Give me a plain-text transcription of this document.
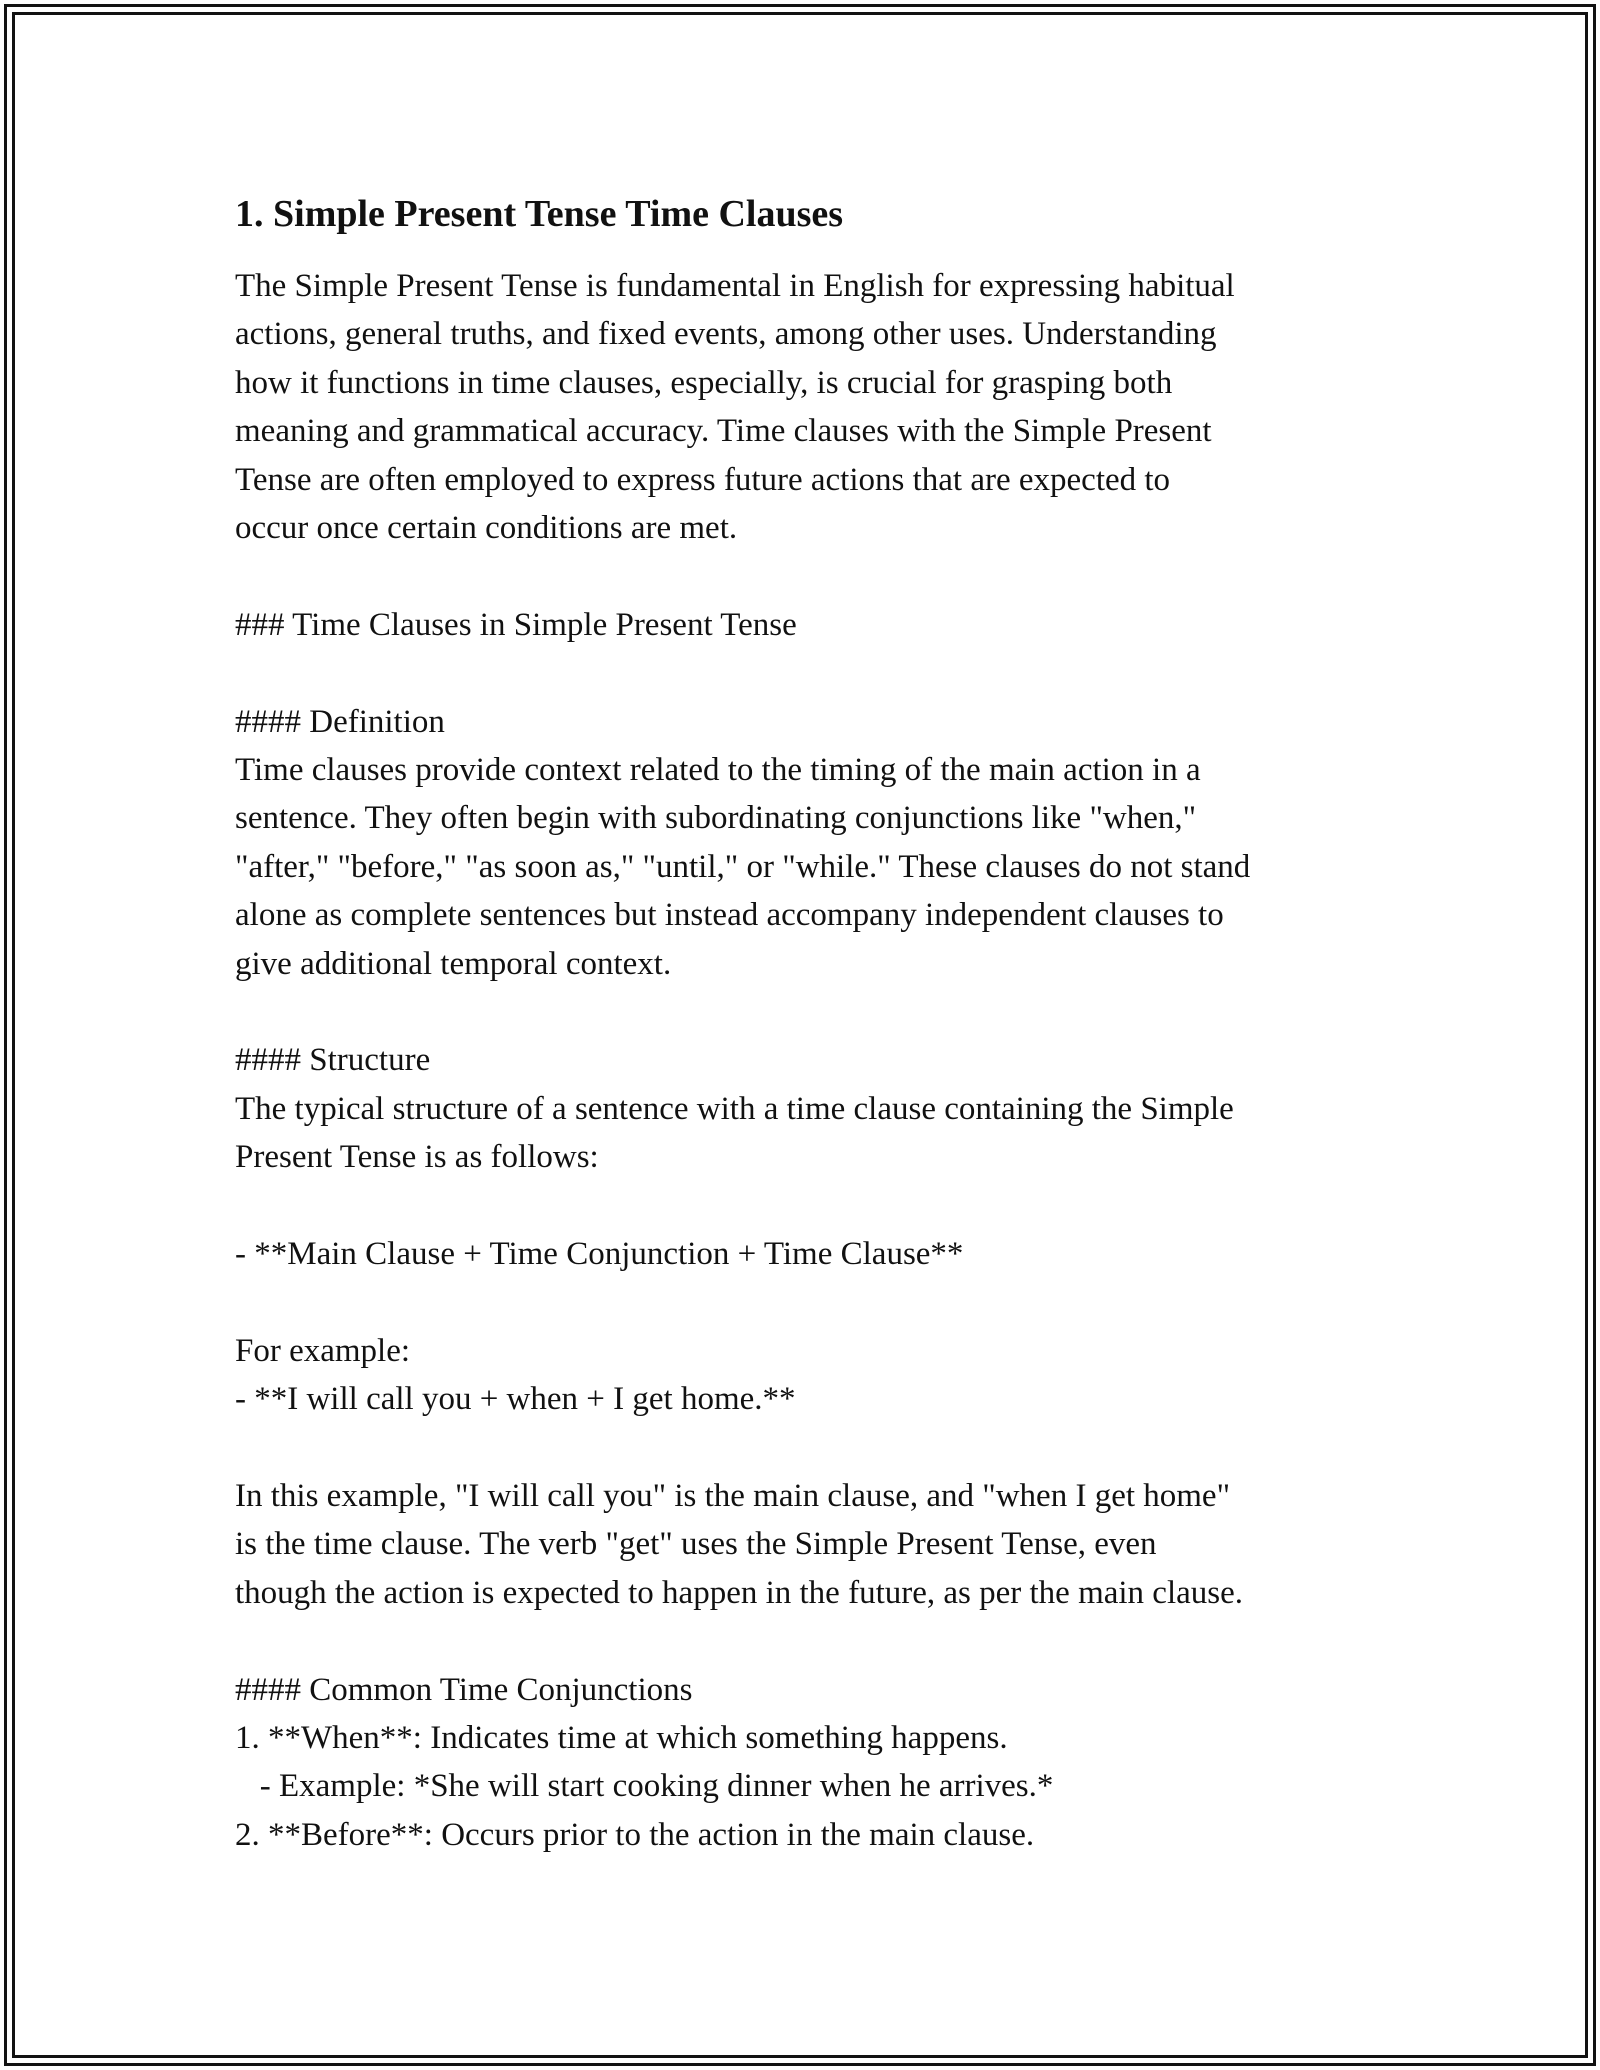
1. Simple Present Tense Time Clauses

The Simple Present Tense is fundamental in English for expressing habitual

actions, general truths, and fixed events, among other uses. Understanding

how it functions in time clauses, especially, is crucial for grasping both

meaning and grammatical accuracy. Time clauses with the Simple Present

Tense are often employed to express future actions that are expected to

occur once certain conditions are met.

### Time Clauses in Simple Present Tense

#### Definition

Time clauses provide context related to the timing of the main action in a

sentence. They often begin with subordinating conjunctions like "when,"

"after," "before," "as soon as," "until," or "while." These clauses do not stand

alone as complete sentences but instead accompany independent clauses to

give additional temporal context.

#### Structure

The typical structure of a sentence with a time clause containing the Simple

Present Tense is as follows:

- **Main Clause + Time Conjunction + Time Clause**

For example:

- **I will call you + when + I get home.**

In this example, "I will call you" is the main clause, and "when I get home"

is the time clause. The verb "get" uses the Simple Present Tense, even

though the action is expected to happen in the future, as per the main clause.

#### Common Time Conjunctions

1. **When**: Indicates time at which something happens.

- Example: *She will start cooking dinner when he arrives.*

2. **Before**: Occurs prior to the action in the main clause.
